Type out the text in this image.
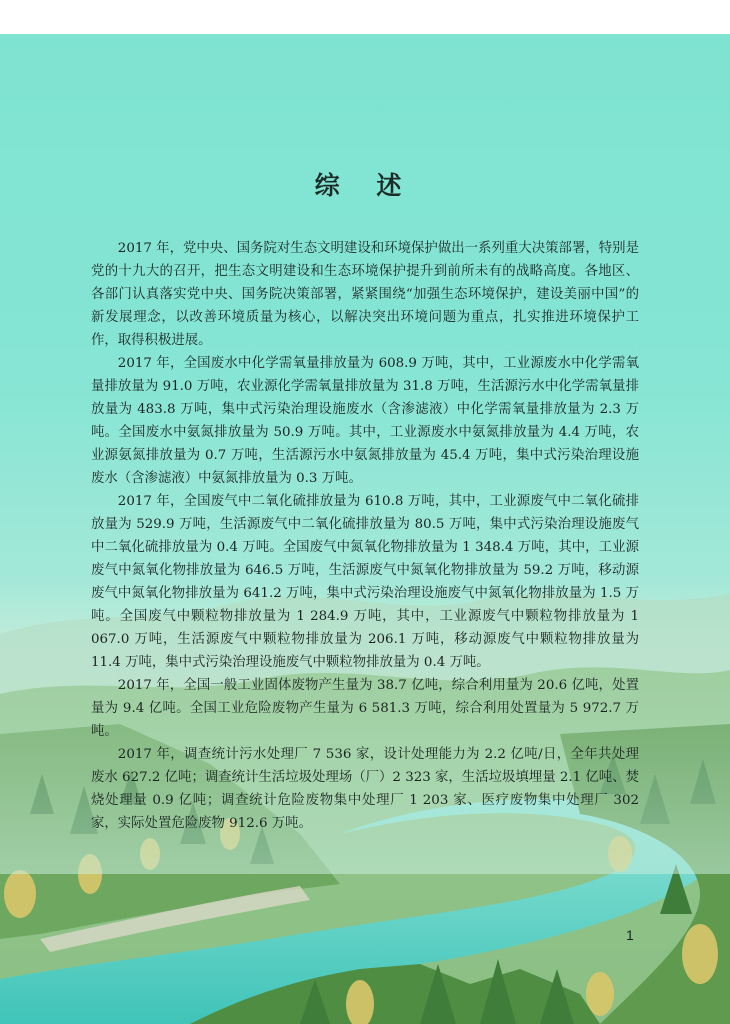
综 述

2017 年，党中央、国务院对生态文明建设和环境保护做出一系列重大决策部署，特别是党的十九大的召开，把生态文明建设和生态环境保护提升到前所未有的战略高度。各地区、各部门认真落实党中央、国务院决策部署，紧紧围绕“加强生态环境保护，建设美丽中国”的新发展理念，以改善环境质量为核心，以解决突出环境问题为重点，扎实推进环境保护工作，取得积极进展。

2017 年，全国废水中化学需氧量排放量为 608.9 万吨，其中，工业源废水中化学需氧量排放量为 91.0 万吨，农业源化学需氧量排放量为 31.8 万吨，生活源污水中化学需氧量排放量为 483.8 万吨，集中式污染治理设施废水（含渗滤液）中化学需氧量排放量为 2.3 万吨。全国废水中氨氮排放量为 50.9 万吨。其中，工业源废水中氨氮排放量为 4.4 万吨，农业源氨氮排放量为 0.7 万吨，生活源污水中氨氮排放量为 45.4 万吨，集中式污染治理设施废水（含渗滤液）中氨氮排放量为 0.3 万吨。

2017 年，全国废气中二氧化硫排放量为 610.8 万吨，其中，工业源废气中二氧化硫排放量为 529.9 万吨，生活源废气中二氧化硫排放量为 80.5 万吨，集中式污染治理设施废气中二氧化硫排放量为 0.4 万吨。全国废气中氮氧化物排放量为 1 348.4 万吨，其中，工业源废气中氮氧化物排放量为 646.5 万吨，生活源废气中氮氧化物排放量为 59.2 万吨，移动源废气中氮氧化物排放量为 641.2 万吨，集中式污染治理设施废气中氮氧化物排放量为 1.5 万吨。全国废气中颗粒物排放量为 1 284.9 万吨，其中，工业源废气中颗粒物排放量为 1 067.0 万吨，生活源废气中颗粒物排放量为 206.1 万吨，移动源废气中颗粒物排放量为 11.4 万吨，集中式污染治理设施废气中颗粒物排放量为 0.4 万吨。

2017 年，全国一般工业固体废物产生量为 38.7 亿吨，综合利用量为 20.6 亿吨，处置量为 9.4 亿吨。全国工业危险废物产生量为 6 581.3 万吨，综合利用处置量为 5 972.7 万吨。

2017 年，调查统计污水处理厂 7 536 家，设计处理能力为 2.2 亿吨/日，全年共处理废水 627.2 亿吨；调查统计生活垃圾处理场（厂）2 323 家，生活垃圾填埋量 2.1 亿吨、焚烧处理量 0.9 亿吨；调查统计危险废物集中处理厂 1 203 家、医疗废物集中处理厂 302 家，实际处置危险废物 912.6 万吨。

1
